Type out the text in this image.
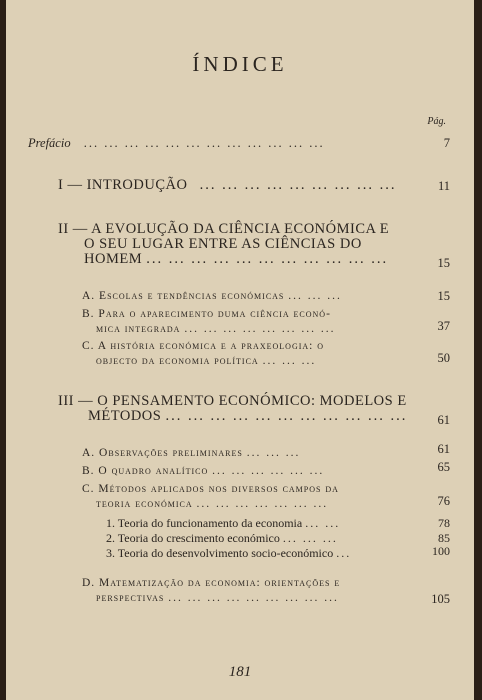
ÍNDICE
Pág.
Prefácio ... ... ... ... ... ... ... ... ... ... ... ...	7
I — INTRODUÇÃO ... ... ... ... ... ... ... ... ...	11
II — A EVOLUÇÃO DA CIÊNCIA ECONÓMICA E
O SEU LUGAR ENTRE AS CIÊNCIAS DO
HOMEM ... ... ... ... ... ... ... ... ... ... ...	15
A. Escolas e tendências económicas ... ... ...	15
B. Para o aparecimento duma ciência econó-
mica integrada ... ... ... ... ... ... ... ...	37
C. A história económica e a praxeologia: o
objecto da economia política ... ... ...	50
III — O PENSAMENTO ECONÓMICO: MODELOS E
MÉTODOS ... ... ... ... ... ... ... ... ... ... ... 61
A. Observações preliminares ... ... ...	61
B. O quadro analítico ... ... ... ... ... ...	65
C. Métodos aplicados nos diversos campos da
teoria económica ... ... ... ... ... ... ...	76
1. Teoria do funcionamento da economia ... ...	78
2. Teoria do crescimento económico ... ... ...	85
3. Teoria do desenvolvimento socio-económico ...	100
D. Matematização da economia: orientações e
perspectivas ... ... ... ... ... ... ... ... ...	105
181
